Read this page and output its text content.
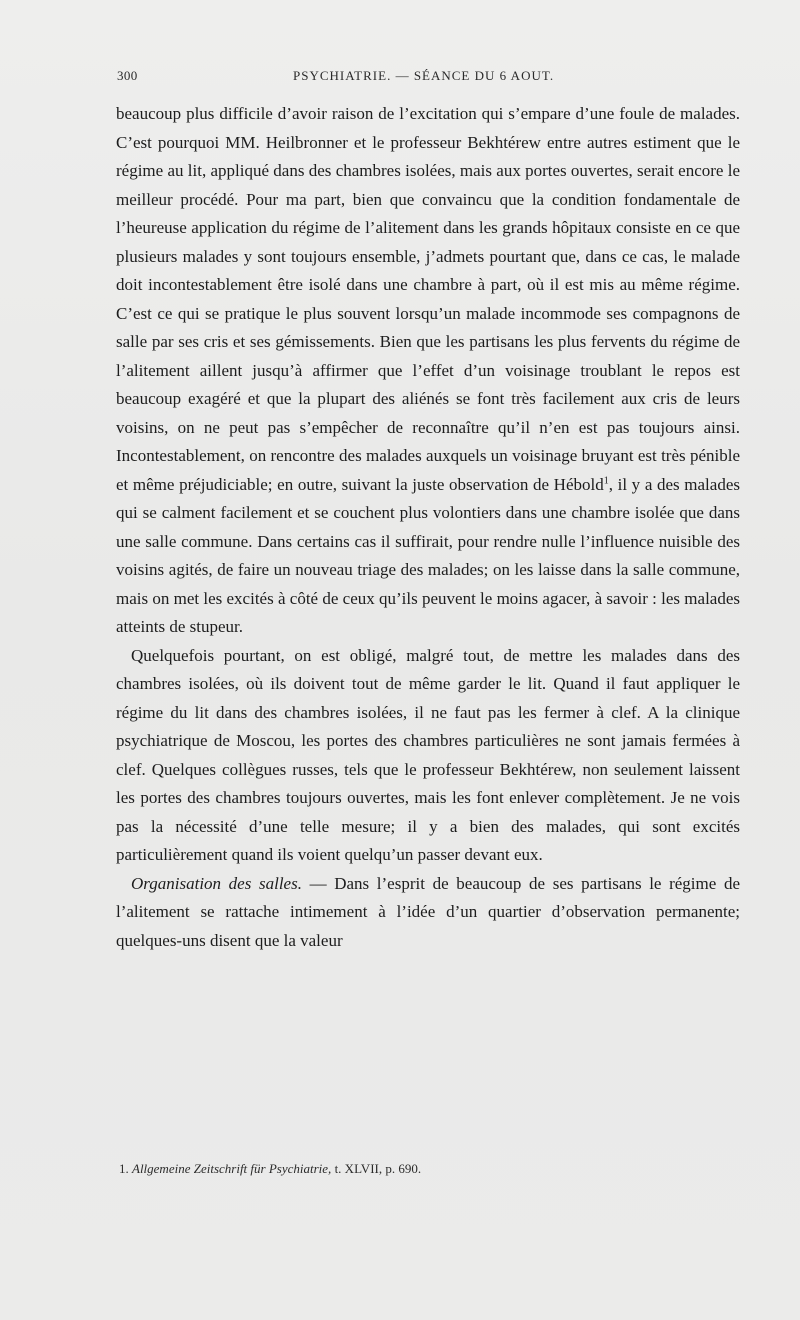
300	PSYCHIATRIE. — SÉANCE DU 6 AOUT.

beaucoup plus difficile d’avoir raison de l’excitation qui s’empare d’une foule de malades. C’est pourquoi MM. Heilbronner et le professeur Bekhtérew entre autres estiment que le régime au lit, appliqué dans des chambres isolées, mais aux portes ouvertes, serait encore le meilleur procédé. Pour ma part, bien que convaincu que la condition fondamentale de l’heureuse application du régime de l’alitement dans les grands hôpitaux consiste en ce que plusieurs malades y sont toujours ensemble, j’admets pourtant que, dans ce cas, le malade doit incontestablement être isolé dans une chambre à part, où il est mis au même régime. C’est ce qui se pratique le plus souvent lorsqu’un malade incommode ses compagnons de salle par ses cris et ses gémissements. Bien que les partisans les plus fervents du régime de l’alitement aillent jusqu’à affirmer que l’effet d’un voisinage troublant le repos est beaucoup exagéré et que la plupart des aliénés se font très facilement aux cris de leurs voisins, on ne peut pas s’empêcher de reconnaître qu’il n’en est pas toujours ainsi. Incontestablement, on rencontre des malades auxquels un voisinage bruyant est très pénible et même préjudiciable; en outre, suivant la juste observation de Hébold$^1$, il y a des malades qui se calment facilement et se couchent plus volontiers dans une chambre isolée que dans une salle commune. Dans certains cas il suffirait, pour rendre nulle l’influence nuisible des voisins agités, de faire un nouveau triage des malades; on les laisse dans la salle commune, mais on met les excités à côté de ceux qu’ils peuvent le moins agacer, à savoir : les malades atteints de stupeur.

Quelquefois pourtant, on est obligé, malgré tout, de mettre les malades dans des chambres isolées, où ils doivent tout de même garder le lit. Quand il faut appliquer le régime du lit dans des chambres isolées, il ne faut pas les fermer à clef. A la clinique psychiatrique de Moscou, les portes des chambres particulières ne sont jamais fermées à clef. Quelques collègues russes, tels que le professeur Bekhtérew, non seulement laissent les portes des chambres toujours ouvertes, mais les font enlever complètement. Je ne vois pas la nécessité d’une telle mesure; il y a bien des malades, qui sont excités particulièrement quand ils voient quelqu’un passer devant eux.

Organisation des salles. — Dans l’esprit de beaucoup de ses partisans le régime de l’alitement se rattache intimement à l’idée d’un quartier d’observation permanente; quelques-uns disent que la valeur

1. Allgemeine Zeitschrift für Psychiatrie, t. XLVII, p. 690.
